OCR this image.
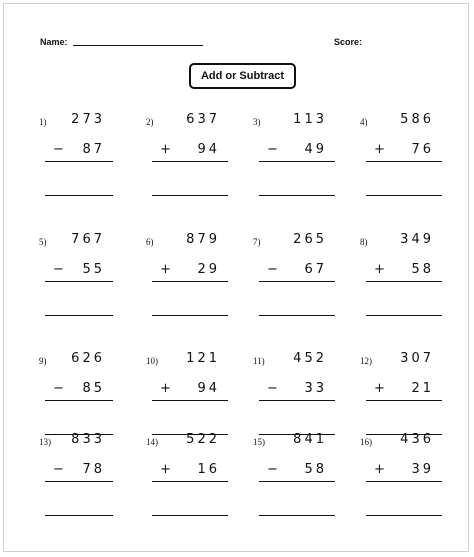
Name:	Score:
Add or Subtract
1) 273
− 87
2)	637
+ 94
3)	113
− 49
4)	586
+ 76
5) 767
− 55
6)	879
+ 29
7)	265
− 67
8)	349
+ 58
9) 626
− 85
10) 121
+ 94
11) 452
− 33
12) 307
+ 21
13) 833
− 78
14) 522
+ 16
15) 841
− 58
16) 436
+ 39
